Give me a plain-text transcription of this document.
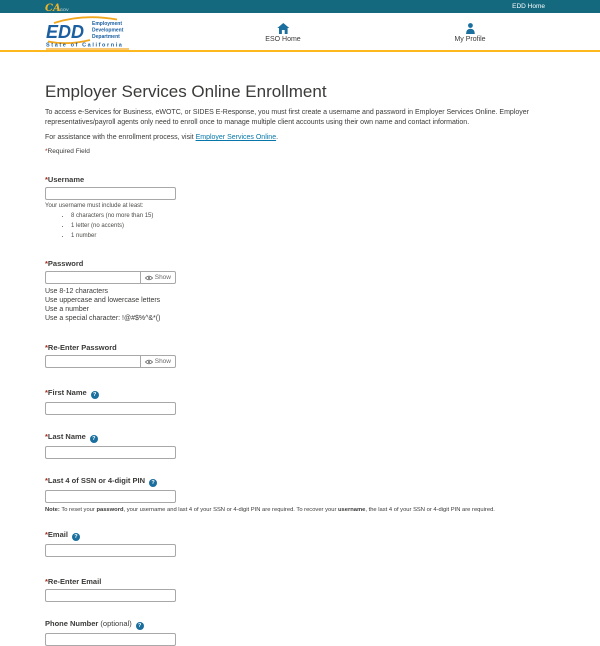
CAGOV	EDD Home
EDD Employment
Development
Department
State of California
ESO Home	My Profile
Employer Services Online Enrollment

To access e-Services for Business, eWOTC, or SIDES E-Response, you must first create a username and password in Employer Services Online. Employer representatives/payroll agents only need to enroll once to manage multiple client accounts using their own name and contact information.

For assistance with the enrollment process, visit Employer Services Online.

*Required Field

*Username

Your username must include at least:

• 8 characters (no more than 15)
• 1 letter (no accents)
• 1 number
*Password
Show
Use 8-12 characters
Use uppercase and lowercase letters
Use a number
Use a special character: !@#$%^&*()
*Re-Enter Password
Show
*First Name ?
*Last Name ?
*Last 4 of SSN or 4-digit PIN ?

Note: To reset your password, your username and last 4 of your SSN or 4-digit PIN are required. To recover your username, the last 4 of your SSN or 4-digit PIN are required.

*Email ?
*Re-Enter Email
Phone Number (optional) ?
